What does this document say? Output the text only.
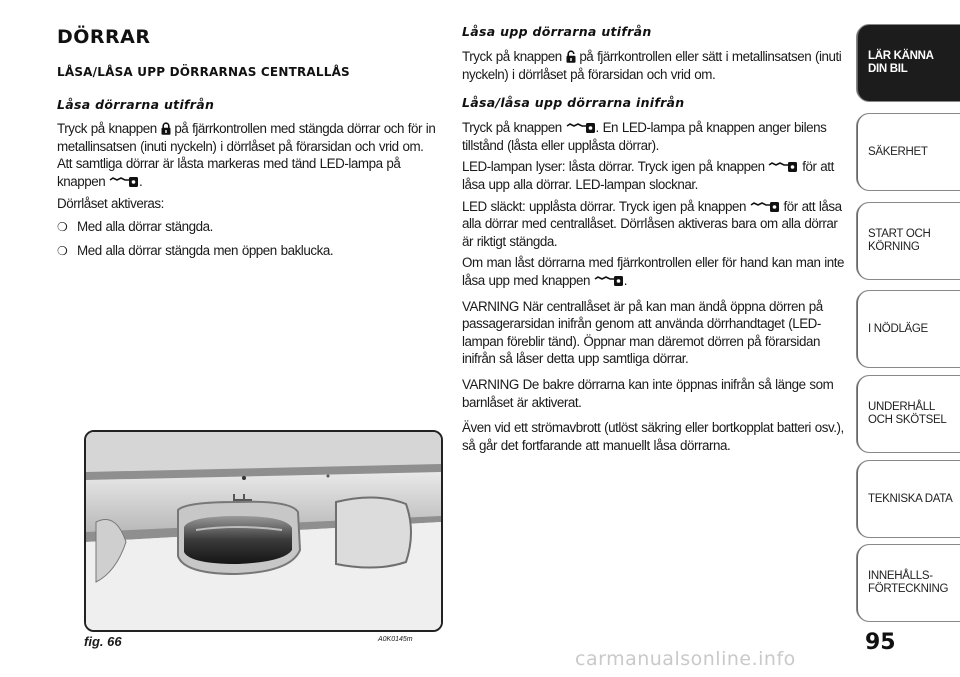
DÖRRAR
LÅSA/LÅSA UPP DÖRRARNAS CENTRALLÅS
Låsa dörrarna utifrån

Tryck på knappen på fjärrkontrollen med stängda dörrar och för in metallinsatsen (inuti nyckeln) i dörrlåset på förarsidan och vrid om. Att samtliga dörrar är låsta markeras med tänd LED-lampa på knappen	.

Dörrlåset aktiveras:

❍ Med alla dörrar stängda.

❍ Med alla dörrar stängda men öppen baklucka.

fig. 66	A0K0145m
Låsa upp dörrarna utifrån

Tryck på knappen på fjärrkontrollen eller sätt i metallinsatsen (inuti nyckeln) i dörrlåset på förarsidan och vrid om.

Låsa/låsa upp dörrarna inifrån

Tryck på knappen	. En LED-lampa på knappen anger bilens tillstånd (låsta eller upplåsta dörrar).

LED-lampan lyser: låsta dörrar. Tryck igen på knappen	för att låsa upp alla dörrar. LED-lampan slocknar.

LED släckt: upplåsta dörrar. Tryck igen på knappen	för att låsa alla dörrar med centrallåset. Dörrlåsen aktiveras bara om alla dörrar är riktigt stängda.

Om man låst dörrarna med fjärrkontrollen eller för hand kan man inte låsa upp med knappen	.

VARNING När centrallåset är på kan man ändå öppna dörren på passagerarsidan inifrån genom att använda dörrhandtaget (LED-lampan föreblir tänd). Öppnar man däremot dörren på förarsidan inifrån så låser detta upp samtliga dörrar.

VARNING De bakre dörrarna kan inte öppnas inifrån så länge som barnlåset är aktiverat.

Även vid ett strömavbrott (utlöst säkring eller bortkopplat batteri osv.), så går det fortfarande att manuellt låsa dörrarna.

LÄR KÄNNA
DIN BIL
SÄKERHET
START OCH
KÖRNING
I NÖDLÄGE
UNDERHÅLL
OCH SKÖTSEL
TEKNISKA DATA
INNEHÅLLS-
FÖRTECKNING
95
carmanualsonline.info
